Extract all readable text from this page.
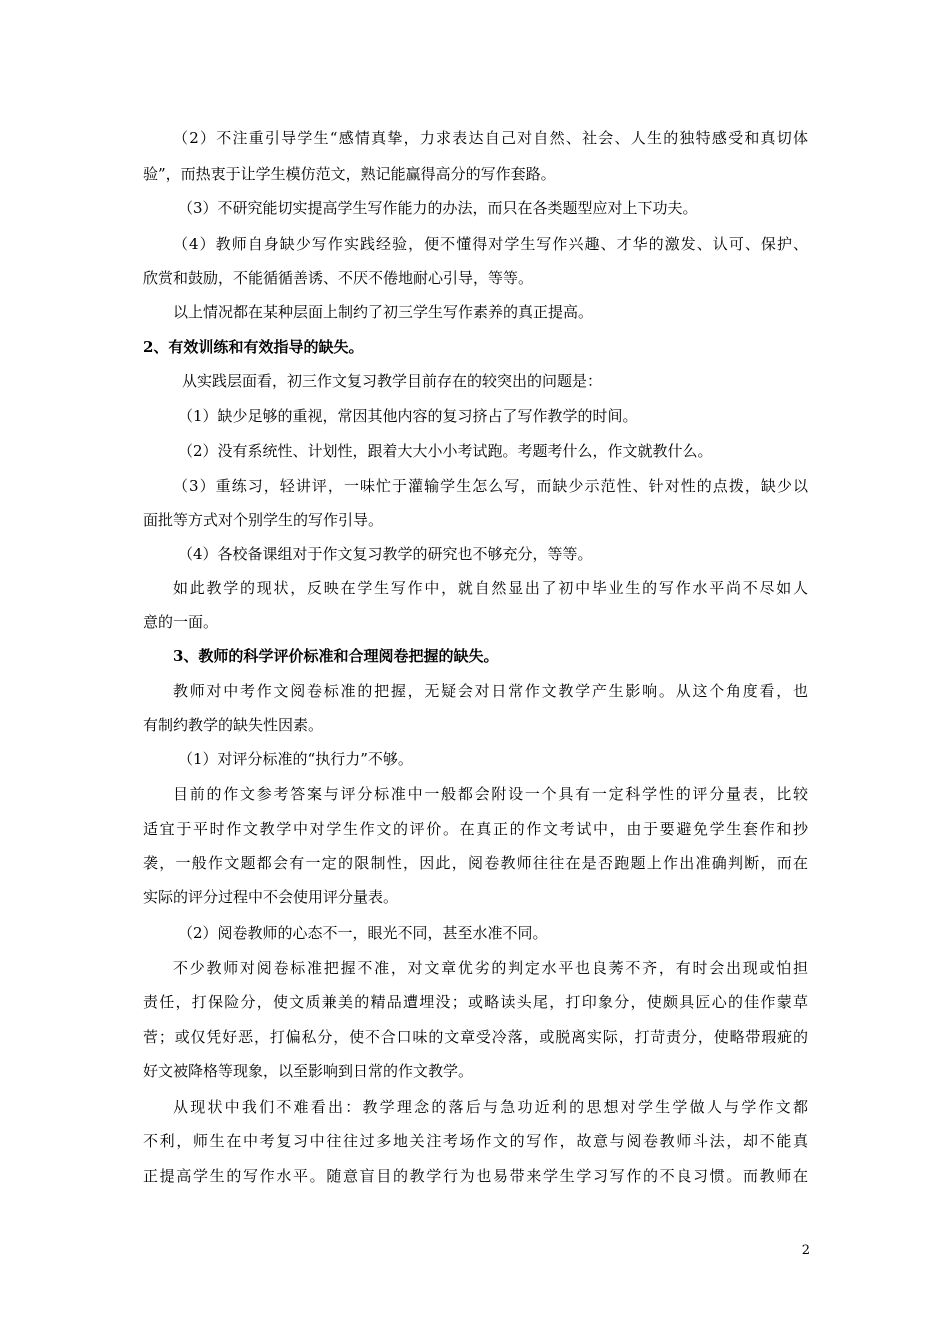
（2）不注重引导学生“感情真挚，力求表达自己对自然、社会、人生的独特感受和真切体
验”，而热衷于让学生模仿范文，熟记能赢得高分的写作套路。
（3）不研究能切实提高学生写作能力的办法，而只在各类题型应对上下功夫。
（4）教师自身缺少写作实践经验，便不懂得对学生写作兴趣、才华的激发、认可、保护、
欣赏和鼓励，不能循循善诱、不厌不倦地耐心引导，等等。
以上情况都在某种层面上制约了初三学生写作素养的真正提高。
2、有效训练和有效指导的缺失。
从实践层面看，初三作文复习教学目前存在的较突出的问题是：
（1）缺少足够的重视，常因其他内容的复习挤占了写作教学的时间。
（2）没有系统性、计划性，跟着大大小小考试跑。考题考什么，作文就教什么。
（3）重练习，轻讲评，一味忙于灌输学生怎么写，而缺少示范性、针对性的点拨，缺少以
面批等方式对个别学生的写作引导。
（4）各校备课组对于作文复习教学的研究也不够充分，等等。
如此教学的现状，反映在学生写作中，就自然显出了初中毕业生的写作水平尚不尽如人
意的一面。
3、教师的科学评价标准和合理阅卷把握的缺失。
教师对中考作文阅卷标准的把握，无疑会对日常作文教学产生影响。从这个角度看，也
有制约教学的缺失性因素。
（1）对评分标准的“执行力”不够。
目前的作文参考答案与评分标准中一般都会附设一个具有一定科学性的评分量表，比较
适宜于平时作文教学中对学生作文的评价。在真正的作文考试中，由于要避免学生套作和抄
袭，一般作文题都会有一定的限制性，因此，阅卷教师往往在是否跑题上作出准确判断，而在
实际的评分过程中不会使用评分量表。
（2）阅卷教师的心态不一，眼光不同，甚至水准不同。
不少教师对阅卷标准把握不准，对文章优劣的判定水平也良莠不齐，有时会出现或怕担
责任，打保险分，使文质兼美的精品遭埋没；或略读头尾，打印象分，使颇具匠心的佳作蒙草
菅；或仅凭好恶，打偏私分，使不合口味的文章受冷落，或脱离实际，打苛责分，使略带瑕疵的
好文被降格等现象，以至影响到日常的作文教学。
从现状中我们不难看出：教学理念的落后与急功近利的思想对学生学做人与学作文都
不利，师生在中考复习中往往过多地关注考场作文的写作，故意与阅卷教师斗法，却不能真
正提高学生的写作水平。随意盲目的教学行为也易带来学生学习写作的不良习惯。而教师在
2
